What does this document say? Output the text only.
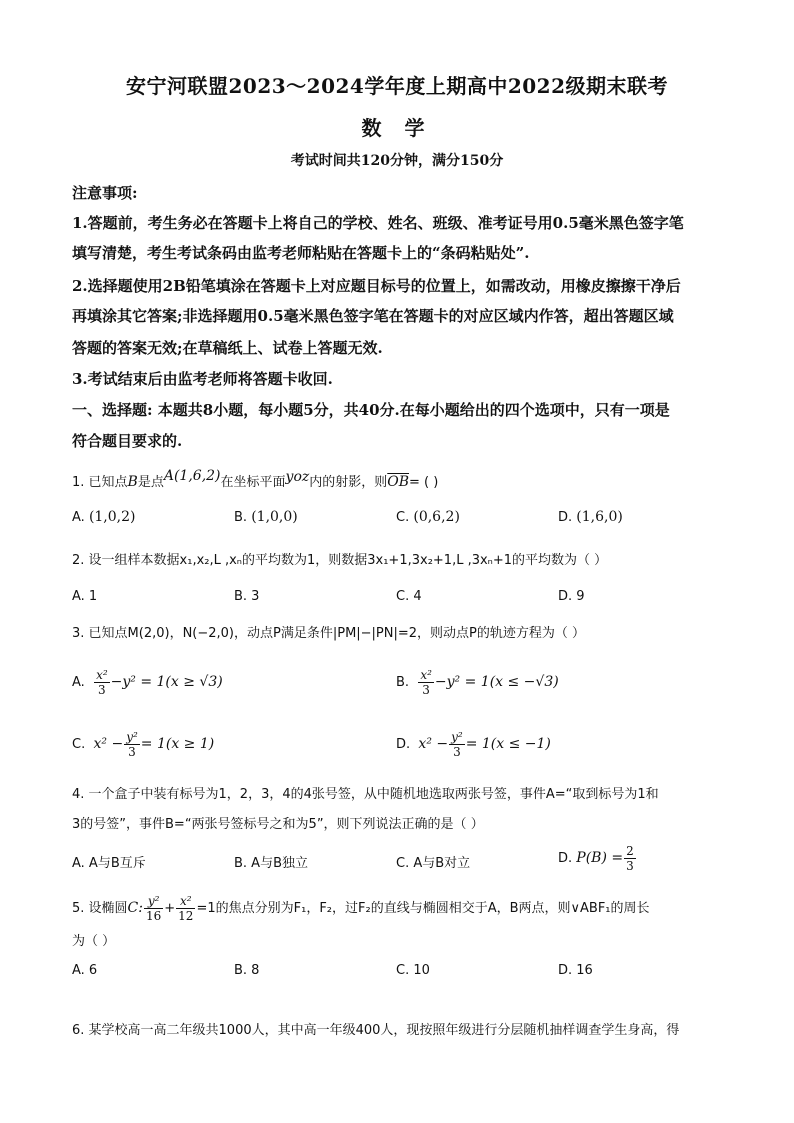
安宁河联盟2023～2024学年度上期高中2022级期末联考
数 学
考试时间共120分钟，满分150分
注意事项:
1.答题前，考生务必在答题卡上将自己的学校、姓名、班级、准考证号用0.5毫米黑色签字笔
填写清楚，考生考试条码由监考老师粘贴在答题卡上的“条码粘贴处”.
2.选择题使用2B铅笔填涂在答题卡上对应题目标号的位置上，如需改动，用橡皮擦擦干净后
再填涂其它答案;非选择题用0.5毫米黑色签字笔在答题卡的对应区域内作答，超出答题区域
答题的答案无效;在草稿纸上、试卷上答题无效.
3.考试结束后由监考老师将答题卡收回.
一、选择题: 本题共8小题，每小题5分，共40分.在每小题给出的四个选项中，只有一项是
符合题目要求的.
1. 已知点B是点A(1,6,2)在坐标平面yoz内的射影，则$\overline{OB}=$ ( )
A. (1,0,2)	B. (1,0,0)	C. (0,6,2)	D. (1,6,0)
2. 设一组样本数据x₁,x₂,L ,xₙ的平均数为1，则数据3x₁+1,3x₂+1,L ,3xₙ+1的平均数为（ ）
A. 1	B. 3	C. 4	D. 9
3. 已知点M(2,0)，N(−2,0)，动点P满足条件|PM|−|PN|=2，则动点P的轨迹方程为（ ）
A. $\frac{\text{x²}}{3} -y^2 = 1(x \ge √3)$	B. $\frac{\text{x²}}{3} -y^2 = 1(x \le -√3)$
C. $x^2 - \frac{\text{y²}}{3} = 1(x \ge 1)$	D. $x^2 - \frac{\text{y²}}{3} = 1(x \le -1)$
4. 一个盒子中装有标号为1，2，3，4的4张号签，从中随机地选取两张号签，事件A=“取到标号为1和
3的号签”，事件B=“两张号签标号之和为5”，则下列说法正确的是（ ）
A. A与B互斥	B. A与B独立	C. A与B对立	D. $P(B) = \frac{2}{3}$
5. 设椭圆C: $\frac{\text{y²}}{16} + \frac{\text{x²}}{12} =1$的焦点分别为F₁，F₂，过F₂的直线与椭圆相交于A，B两点，则∨ABF₁的周长
为（ ）
A. 6	B. 8	C. 10	D. 16
6. 某学校高一高二年级共1000人，其中高一年级400人，现按照年级进行分层随机抽样调查学生身高，得
